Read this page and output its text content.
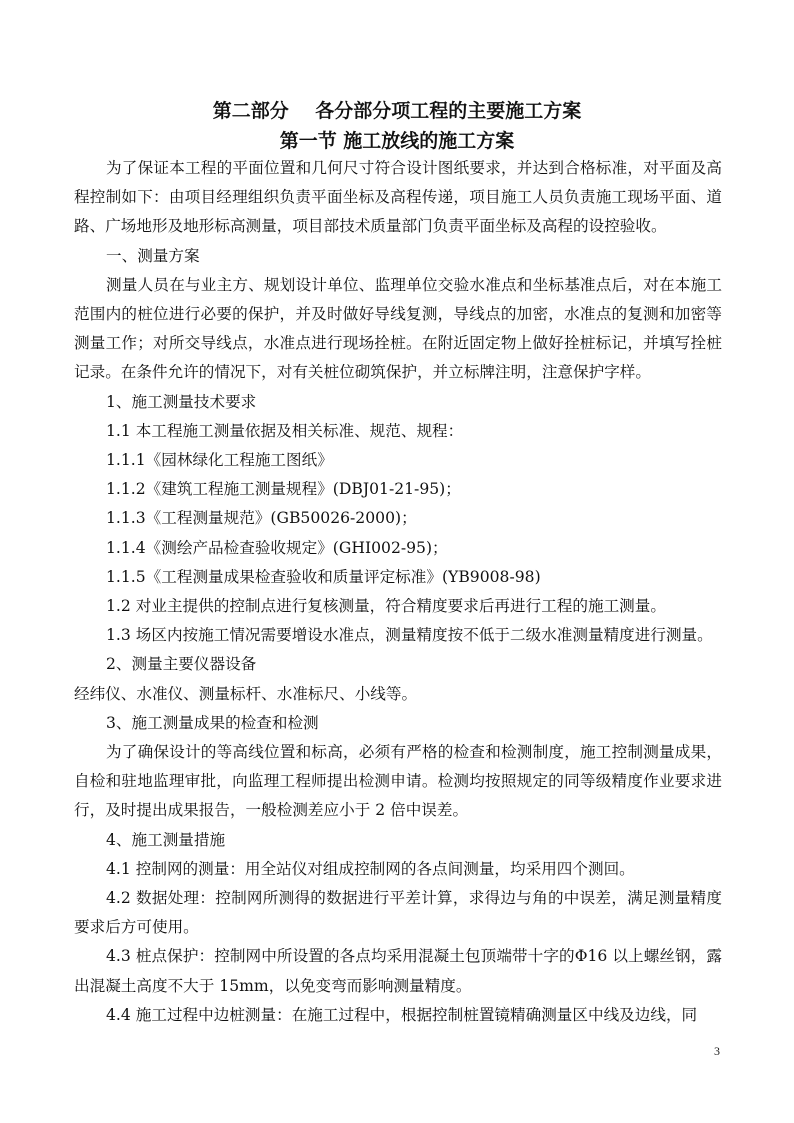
第二部分    各分部分项工程的主要施工方案

第一节 施工放线的施工方案

为了保证本工程的平面位置和几何尺寸符合设计图纸要求，并达到合格标准，对平面及高程控制如下：由项目经理组织负责平面坐标及高程传递，项目施工人员负责施工现场平面、道路、广场地形及地形标高测量，项目部技术质量部门负责平面坐标及高程的设控验收。

一、测量方案

测量人员在与业主方、规划设计单位、监理单位交验水准点和坐标基准点后，对在本施工范围内的桩位进行必要的保护，并及时做好导线复测，导线点的加密，水准点的复测和加密等测量工作；对所交导线点，水准点进行现场拴桩。在附近固定物上做好拴桩标记，并填写拴桩记录。在条件允许的情况下，对有关桩位砌筑保护，并立标牌注明，注意保护字样。

1、施工测量技术要求

1.1 本工程施工测量依据及相关标准、规范、规程：

1.1.1《园林绿化工程施工图纸》

1.1.2《建筑工程施工测量规程》(DBJ01-21-95)；

1.1.3《工程测量规范》(GB50026-2000)；

1.1.4《测绘产品检查验收规定》(GHI002-95)；

1.1.5《工程测量成果检查验收和质量评定标准》(YB9008-98)

1.2 对业主提供的控制点进行复核测量，符合精度要求后再进行工程的施工测量。

1.3 场区内按施工情况需要增设水准点，测量精度按不低于二级水准测量精度进行测量。

2、测量主要仪器设备

经纬仪、水准仪、测量标杆、水准标尺、小线等。

3、施工测量成果的检查和检测

为了确保设计的等高线位置和标高，必须有严格的检查和检测制度，施工控制测量成果，自检和驻地监理审批，向监理工程师提出检测申请。检测均按照规定的同等级精度作业要求进行，及时提出成果报告，一般检测差应小于 2 倍中误差。

4、施工测量措施

4.1 控制网的测量：用全站仪对组成控制网的各点间测量，均采用四个测回。

4.2 数据处理：控制网所测得的数据进行平差计算，求得边与角的中误差，满足测量精度要求后方可使用。

4.3 桩点保护：控制网中所设置的各点均采用混凝土包顶端带十字的Φ16 以上螺丝钢，露出混凝土高度不大于 15mm，以免变弯而影响测量精度。

4.4 施工过程中边桩测量：在施工过程中，根据控制桩置镜精确测量区中线及边线，同

3
